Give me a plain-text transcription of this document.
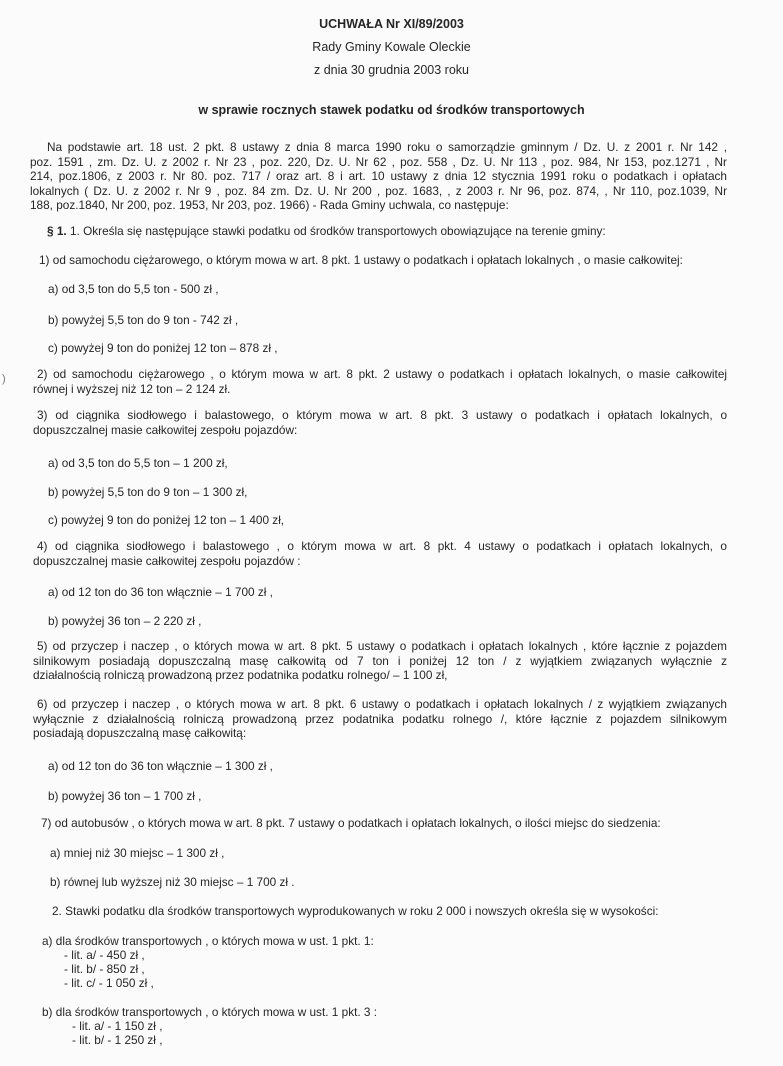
UCHWAŁA Nr XI/89/2003
Rady Gminy Kowale Oleckie
z dnia 30 grudnia 2003 roku
w sprawie rocznych stawek podatku od środków transportowych
Na podstawie art. 18 ust. 2 pkt. 8 ustawy z dnia 8 marca 1990 roku o samorządzie gminnym / Dz. U. z 2001 r. Nr 142 ,
poz. 1591 , zm. Dz. U. z 2002 r. Nr 23 , poz. 220, Dz. U. Nr 62 , poz. 558 , Dz. U. Nr 113 , poz. 984, Nr 153, poz.1271 , Nr
214, poz.1806, z 2003 r. Nr 80. poz. 717 / oraz art. 8 i art. 10 ustawy z dnia 12 stycznia 1991 roku o podatkach i opłatach
lokalnych ( Dz. U. z 2002 r. Nr 9 , poz. 84 zm. Dz. U. Nr 200 , poz. 1683, , z 2003 r. Nr 96, poz. 874, , Nr 110, poz.1039, Nr
188, poz.1840, Nr 200, poz. 1953, Nr 203, poz. 1966) - Rada Gminy uchwala, co następuje:

§ 1. 1. Określa się następujące stawki podatku od środków transportowych obowiązujące na terenie gminy:

1) od samochodu ciężarowego, o którym mowa w art. 8 pkt. 1 ustawy o podatkach i opłatach lokalnych , o masie całkowitej:

a) od 3,5 ton do 5,5 ton - 500 zł ,

b) powyżej 5,5 ton do 9 ton - 742 zł ,

c) powyżej 9 ton do poniżej 12 ton – 878 zł ,

2) od samochodu ciężarowego , o którym mowa w art. 8 pkt. 2 ustawy o podatkach i opłatach lokalnych, o masie całkowitej
równej i wyższej niż 12 ton – 2 124 zł.
3) od ciągnika siodłowego i balastowego, o którym mowa w art. 8 pkt. 3 ustawy o podatkach i opłatach lokalnych, o
dopuszczalnej masie całkowitej zespołu pojazdów:

a) od 3,5 ton do 5,5 ton – 1 200 zł,

b) powyżej 5,5 ton do 9 ton – 1 300 zł,

c) powyżej 9 ton do poniżej 12 ton – 1 400 zł,

4) od ciągnika siodłowego i balastowego , o którym mowa w art. 8 pkt. 4 ustawy o podatkach i opłatach lokalnych, o
dopuszczalnej masie całkowitej zespołu pojazdów :

a) od 12 ton do 36 ton włącznie – 1 700 zł ,

b) powyżej 36 ton – 2 220 zł ,

5) od przyczep i naczep , o których mowa w art. 8 pkt. 5 ustawy o podatkach i opłatach lokalnych , które łącznie z pojazdem
silnikowym posiadają dopuszczalną masę całkowitą od 7 ton i poniżej 12 ton / z wyjątkiem związanych wyłącznie z
działalnością rolniczą prowadzoną przez podatnika podatku rolnego/ – 1 100 zł,
6) od przyczep i naczep , o których mowa w art. 8 pkt. 6 ustawy o podatkach i opłatach lokalnych / z wyjątkiem związanych
wyłącznie z działalnością rolniczą prowadzoną przez podatnika podatku rolnego /, które łącznie z pojazdem silnikowym
posiadają dopuszczalną masę całkowitą:

a) od 12 ton do 36 ton włącznie – 1 300 zł ,

b) powyżej 36 ton – 1 700 zł ,

7) od autobusów , o których mowa w art. 8 pkt. 7 ustawy o podatkach i opłatach lokalnych, o ilości miejsc do siedzenia:

a) mniej niż 30 miejsc – 1 300 zł ,

b) równej lub wyższej niż 30 miejsc – 1 700 zł .

2. Stawki podatku dla środków transportowych wyprodukowanych w roku 2 000 i nowszych określa się w wysokości:

a) dla środków transportowych , o których mowa w ust. 1 pkt. 1:

- lit. a/ - 450 zł ,

- lit. b/ - 850 zł ,

- lit. c/ - 1 050 zł ,

b) dla środków transportowych , o których mowa w ust. 1 pkt. 3 :

- lit. a/ - 1 150 zł ,

- lit. b/ - 1 250 zł ,

)
